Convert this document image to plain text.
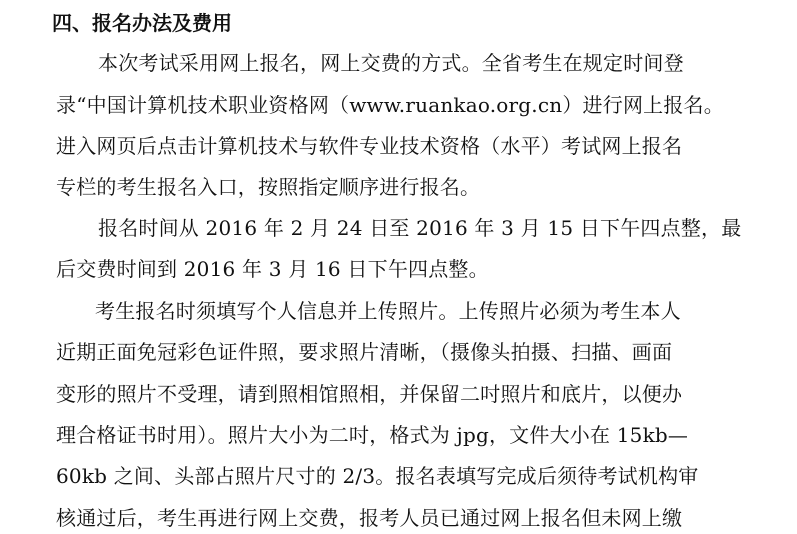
四、报名办法及费用
本次考试采用网上报名，网上交费的方式。全省考生在规定时间登
录“中国计算机技术职业资格网（www.ruankao.org.cn）进行网上报名。
进入网页后点击计算机技术与软件专业技术资格（水平）考试网上报名
专栏的考生报名入口，按照指定顺序进行报名。
报名时间从 2016 年 2 月 24 日至 2016 年 3 月 15 日下午四点整，最
后交费时间到 2016 年 3 月 16 日下午四点整。
考生报名时须填写个人信息并上传照片。上传照片必须为考生本人
近期正面免冠彩色证件照，要求照片清晰，（摄像头拍摄、扫描、画面
变形的照片不受理，请到照相馆照相，并保留二吋照片和底片，以便办
理合格证书时用）。照片大小为二吋，格式为 jpg，文件大小在 15kb—
60kb 之间、头部占照片尺寸的 2/3。报名表填写完成后须待考试机构审
核通过后，考生再进行网上交费，报考人员已通过网上报名但未网上缴
